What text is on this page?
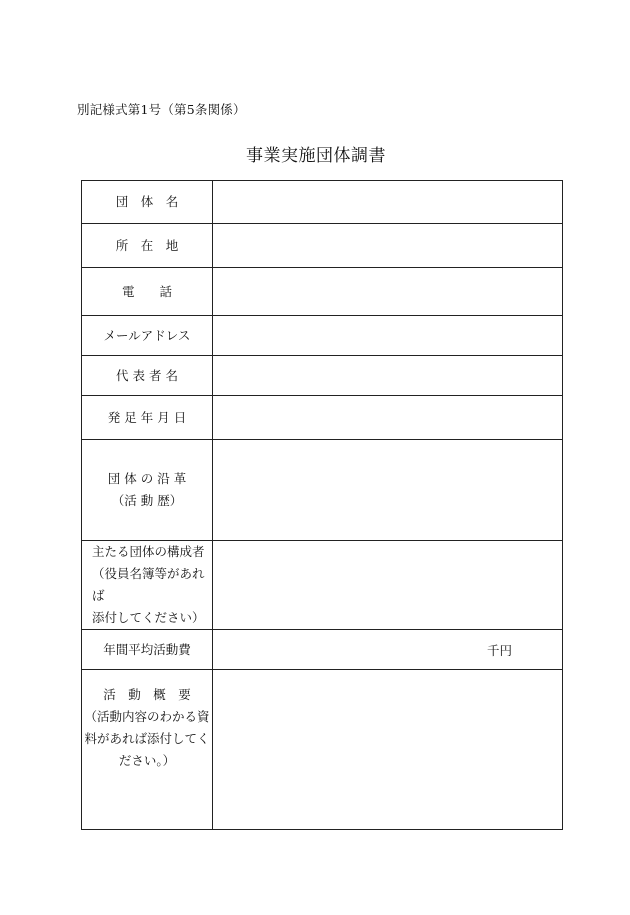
別記様式第1号（第5条関係）
事業実施団体調書
団　体　名	
所　在　地	
電　　話	
メールアドレス	
代 表 者 名	
発 足 年 月 日	

団 体 の 沿 革
（活 動 歴）	

主たる団体の構成者
（役員名簿等があれば
添付してください）	

年間平均活動費	千円

活　動　概　要
（活動内容のわかる資
料があれば添付してく
ださい。）	
